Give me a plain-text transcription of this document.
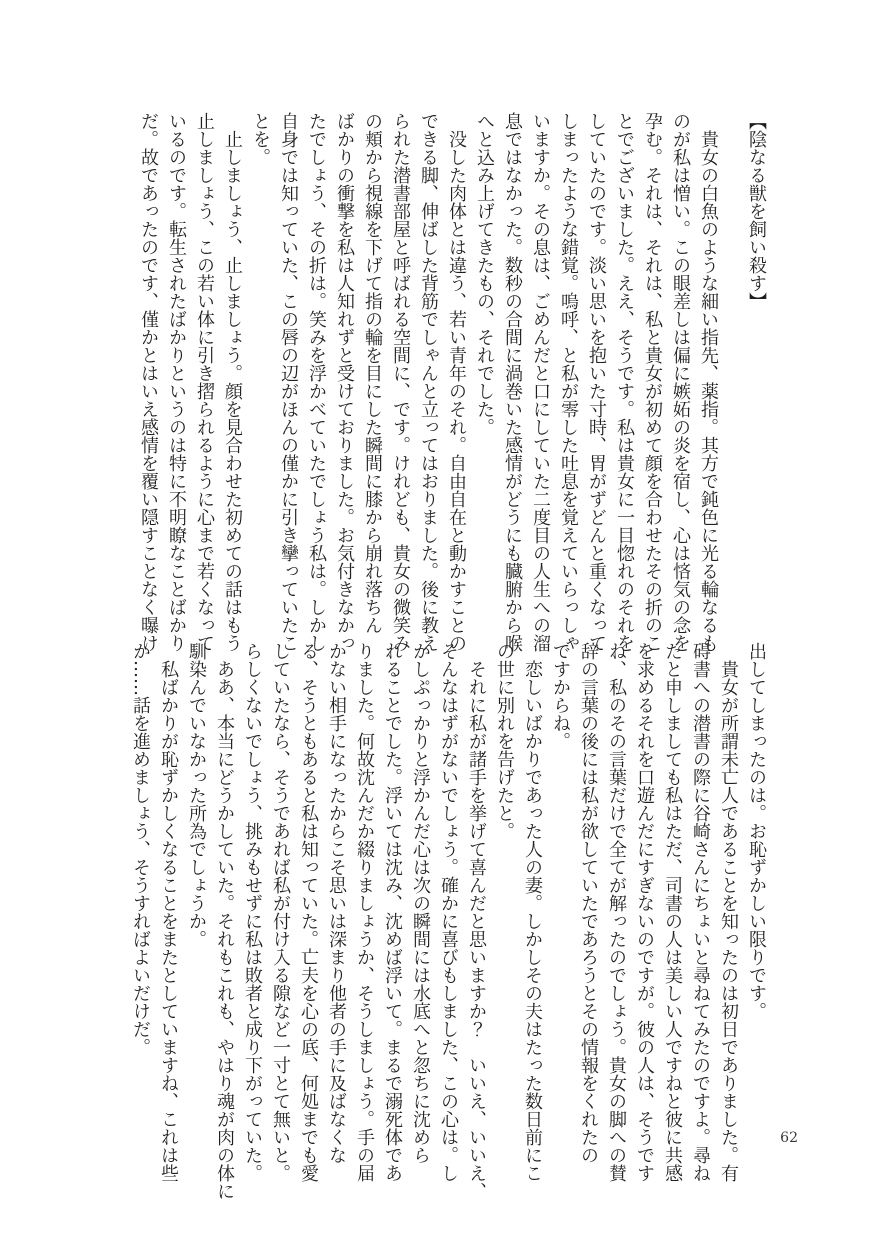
【陰なる獣を飼い殺す】
貴女の白魚のような細い指先、薬指。其方で鈍色に光る輪なるも
のが私は憎い。この眼差しは偏に嫉妬の炎を宿し、心は悋気の念を
孕む。それは、それは、私と貴女が初めて顔を合わせたその折のこ
とでございました。ええ、そうです。私は貴女に一目惚れのそれを
していたのです。淡い思いを抱いた寸時、胃がずどんと重くなって
しまったような錯覚。嗚呼、と私が零した吐息を覚えていらっしゃ
いますか。その息は、ごめんだと口にしていた二度目の人生への溜
息ではなかった。数秒の合間に渦巻いた感情がどうにも臓腑から喉
へと込み上げてきたもの、それでした。
没した肉体とは違う、若い青年のそれ。自由自在と動かすことの
できる脚、伸ばした背筋でしゃんと立ってはおりました。後に教え
られた潜書部屋と呼ばれる空間に、です。けれども、貴女の微笑み
の頬から視線を下げて指の輪を目にした瞬間に膝から崩れ落ちん
ばかりの衝撃を私は人知れずと受けておりました。お気付きなかっ
たでしょう、その折は。笑みを浮かべていたでしょう私は。しかし
自身では知っていた、この唇の辺がほんの僅かに引き攣っていたこ
とを。
止しましょう、止しましょう。顔を見合わせた初めての話はもう
止しましょう、この若い体に引き摺られるように心まで若くなって
いるのです。転生されたばかりというのは特に不明瞭なことばかり
だ。故であったのです、僅かとはいえ感情を覆い隠すことなく曝け
出してしまったのは。お恥ずかしい限りです。
貴女が所謂未亡人であることを知ったのは初日でありました。有
碍書への潜書の際に谷崎さんにちょいと尋ねてみたのですよ。尋ね
たと申しましても私はただ、司書の人は美しい人ですねと彼に共感
を求めるそれを口遊んだにすぎないのですが。彼の人は、そうです
ね、私のその言葉だけで全てが解ったのでしょう。貴女の脚への賛
辞の言葉の後には私が欲していたであろうとその情報をくれたの
ですからね。
恋しいばかりであった人の妻。しかしその夫はたった数日前にこ
の世に別れを告げたと。
それに私が諸手を挙げて喜んだと思いますか？　いいえ、いいえ、
そんなはずがないでしょう。確かに喜びもしました、この心は。し
かしぷっかりと浮かんだ心は次の瞬間には水底へと忽ちに沈めら
れることでした。浮いては沈み、沈めば浮いて。まるで溺死体であ
りました。何故沈んだか綴りましょうか、そうしましょう。手の届
かない相手になったからこそ思いは深まり他者の手に及ばなくな
る、そうともあると私は知っていた。亡夫を心の底、何処までも愛
していたなら、そうであれば私が付け入る隙など一寸とて無いと。
らしくないでしょう、挑みもせずに私は敗者と成り下がっていた。
ああ、本当にどうかしていた。それもこれも、やはり魂が肉の体に
馴染んでいなかった所為でしょうか。
私ばかりが恥ずかしくなることをまたとしていますね、これは些
か……話を進めましょう、そうすればよいだけだ。
62
